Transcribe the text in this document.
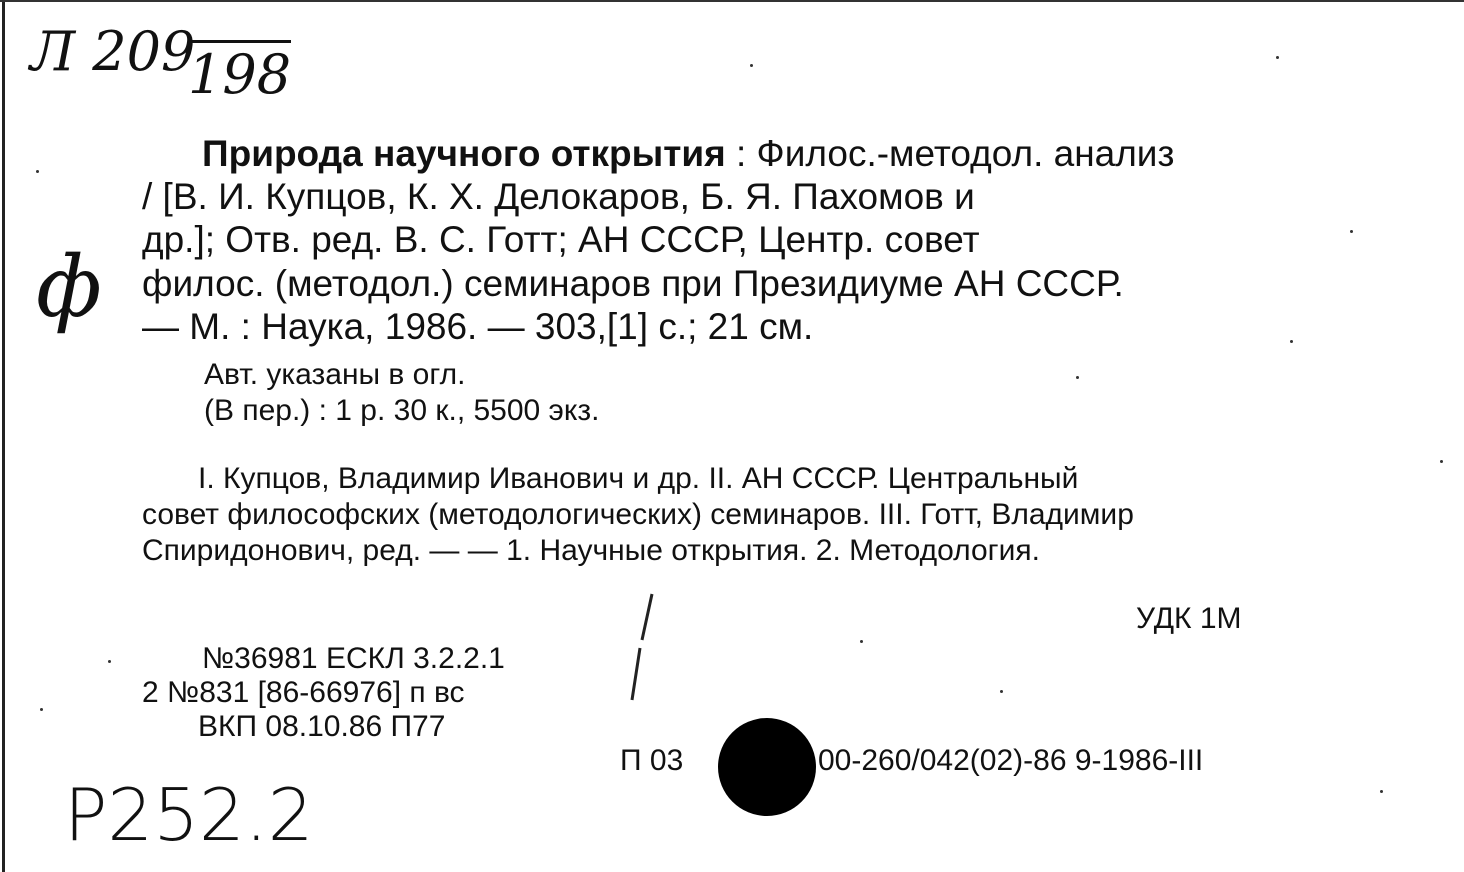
Л 209
198
ф
Природа научного открытия : Филос.-методол. анализ
/ [В. И. Купцов, К. Х. Делокаров, Б. Я. Пахомов и
др.]; Отв. ред. В. С. Готт; АН СССР, Центр. совет
филос. (методол.) семинаров при Президиуме АН СССР.
— М. : Наука, 1986. — 303,[1] с.; 21 см.
Авт. указаны в огл.
(В пер.) : 1 р. 30 к., 5500 экз.
I. Купцов, Владимир Иванович и др. II. АН СССР. Центральный
совет философских (методологических) семинаров. III. Готт, Владимир
Спиридонович, ред. — — 1. Научные открытия. 2. Методология.
УДК 1М
№36981 ЕСКЛ 3.2.2.1
2 №831 [86-66976] п вс
ВКП 08.10.86 П77
П 03	00-260/042(02)-86 9-1986-III
Р252.2
